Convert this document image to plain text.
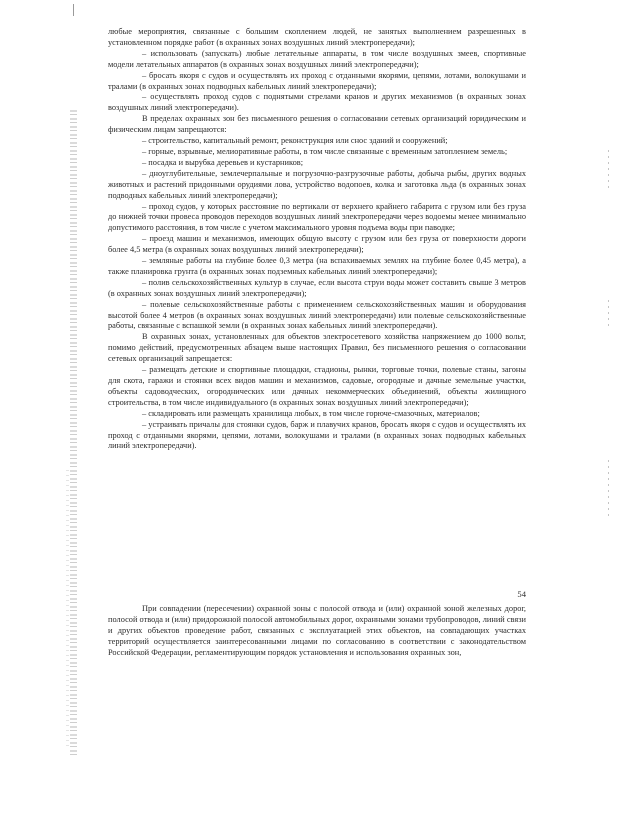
любые мероприятия, связанные с большим скоплением людей, не занятых выполнением разрешенных в установленном порядке работ (в охранных зонах воздушных линий электропередачи);

– использовать (запускать) любые летательные аппараты, в том числе воздушных змеев, спортивные модели летательных аппаратов (в охранных зонах воздушных линий электропередачи);

– бросать якоря с судов и осуществлять их проход с отданными якорями, цепями, лотами, волокушами и тралами (в охранных зонах подводных кабельных линий электропередачи);

– осуществлять проход судов с поднятыми стрелами кранов и других механизмов (в охранных зонах воздушных линий электропередачи).

В пределах охранных зон без письменного решения о согласовании сетевых организаций юридическим и физическим лицам запрещаются:

– строительство, капитальный ремонт, реконструкция или снос зданий и сооружений;

– горные, взрывные, мелиоративные работы, в том числе связанные с временным затоплением земель;

– посадка и вырубка деревьев и кустарников;

– дноуглубительные, землечерпальные и погрузочно-разгрузочные работы, добыча рыбы, других водных животных и растений придонными орудиями лова, устройство водопоев, колка и заготовка льда (в охранных зонах подводных кабельных линий электропередачи);

– проход судов, у которых расстояние по вертикали от верхнего крайнего габарита с грузом или без груза до нижней точки провеса проводов переходов воздушных линий электропередачи через водоемы менее минимально допустимого расстояния, в том числе с учетом максимального уровня подъема воды при паводке;

– проезд машин и механизмов, имеющих общую высоту с грузом или без груза от поверхности дороги более 4,5 метра (в охранных зонах воздушных линий электропередачи);

– земляные работы на глубине более 0,3 метра (на вспахиваемых землях на глубине более 0,45 метра), а также планировка грунта (в охранных зонах подземных кабельных линий электропередачи);

– полив сельскохозяйственных культур в случае, если высота струи воды может составить свыше 3 метров (в охранных зонах воздушных линий электропередачи);

– полевые сельскохозяйственные работы с применением сельскохозяйственных машин и оборудования высотой более 4 метров (в охранных зонах воздушных линий электропередачи) или полевые сельскохозяйственные работы, связанные с вспашкой земли (в охранных зонах кабельных линий электропередачи).

В охранных зонах, установленных для объектов электросетевого хозяйства напряжением до 1000 вольт, помимо действий, предусмотренных абзацем выше настоящих Правил, без письменного решения о согласовании сетевых организаций запрещается:

– размещать детские и спортивные площадки, стадионы, рынки, торговые точки, полевые станы, загоны для скота, гаражи и стоянки всех видов машин и механизмов, садовые, огородные и дачные земельные участки, объекты садоводческих, огороднических или дачных некоммерческих объединений, объекты жилищного строительства, в том числе индивидуального (в охранных зонах воздушных линий электропередачи);

– складировать или размещать хранилища любых, в том числе горюче-смазочных, материалов;

– устраивать причалы для стоянки судов, барж и плавучих кранов, бросать якоря с судов и осуществлять их проход с отданными якорями, цепями, лотами, волокушами и тралами (в охранных зонах подводных кабельных линий электропередачи).

54

При совпадении (пересечении) охранной зоны с полосой отвода и (или) охранной зоной железных дорог, полосой отвода и (или) придорожной полосой автомобильных дорог, охранными зонами трубопроводов, линий связи и других объектов проведение работ, связанных с эксплуатацией этих объектов, на совпадающих участках территорий осуществляется заинтересованными лицами по согласованию в соответствии с законодательством Российской Федерации, регламентирующим порядок установления и использования охранных зон,
